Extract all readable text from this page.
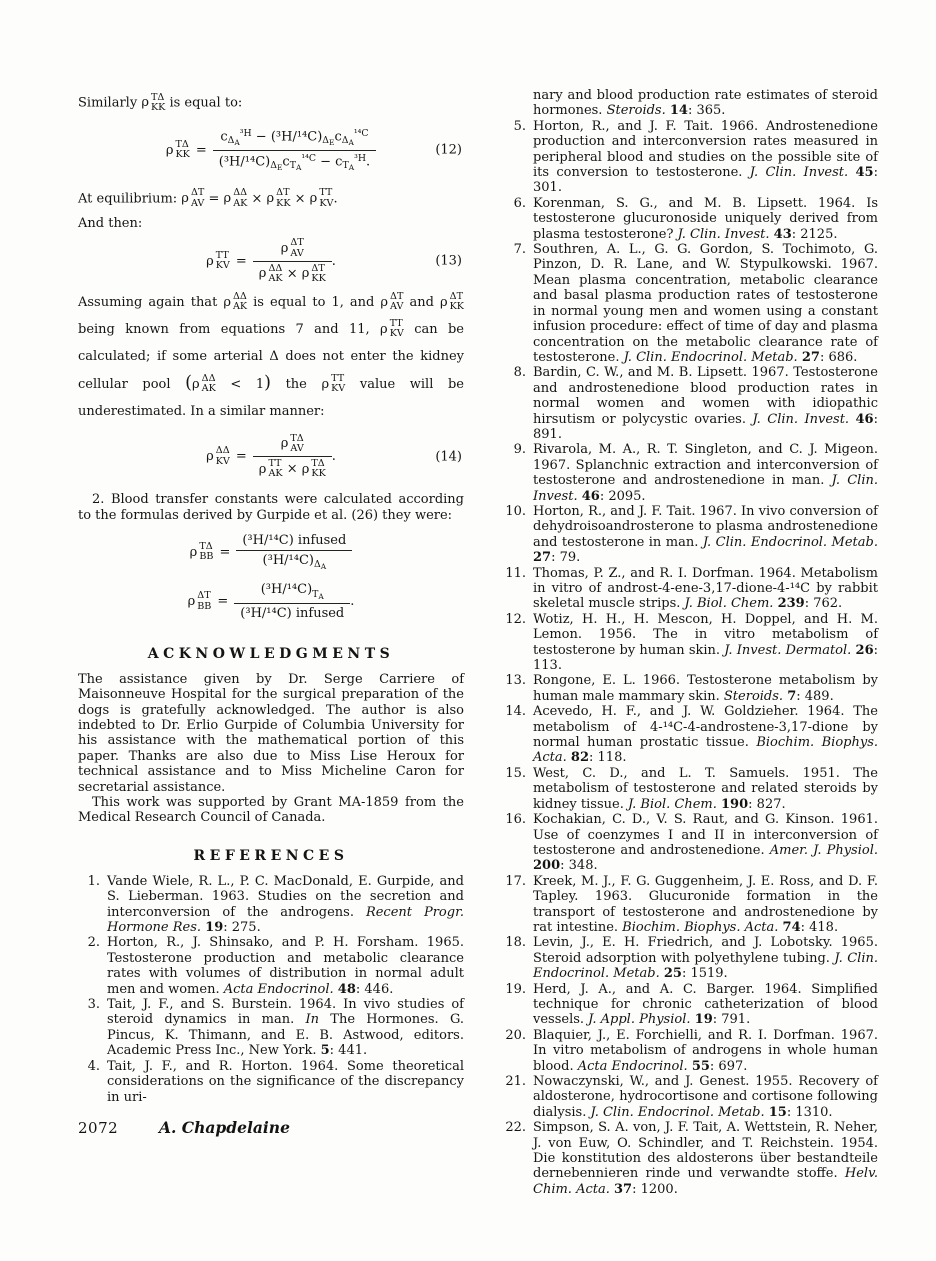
Similarly ρ TΔ
KK is equal to:

ρ TΔ
KK = $\frac{c_{\Delta_A}^{^3H} - (^3H/^{14}C)_{\Delta_E}c_{\Delta_A}^{^{14}C}}{(^3H/^{14}C)_{\Delta_E}c_{T_A}^{^{14}C} - c_{T_A}^{^3H}.}$	(12)

At equilibrium: ρ ΔT
AV = ρ ΔΔ
AK × ρ ΔT
KK × ρ TT
KV .

And then:

ρ TT
KV = ρ ΔT
AV
ρ ΔΔ
AK × ρ ΔT
KK .	(13)

Assuming again that ρ ΔΔ
AK is equal to 1, and ρ ΔT
AV and ρ ΔT
KK
being known from equations 7 and 11, ρ TT
KV can be calculated; if some arterial Δ does not enter the kidney cellular pool (ρ ΔΔ
AK < 1) the ρ TT
KV value will be underestimated. In a similar manner:

ρ ΔΔ
KV = ρ TΔ
AV
ρ TT
AK × ρ TΔ
KK .	(14)

2. Blood transfer constants were calculated according to the formulas derived by Gurpide et al. (26) they were:

ρ TΔ
BB = $\frac{\text{(³H/¹⁴C) infused}}{(^3H/^{14}C)_{\Delta_A}}$
ρ ΔT
BB = $\frac{(^3H/^{14}C)_{T_A}}{\text{(³H/¹⁴C) infused}}$ .
ACKNOWLEDGMENTS

The assistance given by Dr. Serge Carriere of Maisonneuve Hospital for the surgical preparation of the dogs is gratefully acknowledged. The author is also indebted to Dr. Erlio Gurpide of Columbia University for his assistance with the mathematical portion of this paper. Thanks are also due to Miss Lise Heroux for technical assistance and to Miss Micheline Caron for secretarial assistance.

This work was supported by Grant MA-1859 from the Medical Research Council of Canada.

REFERENCES
1. Vande Wiele, R. L., P. C. MacDonald, E. Gurpide, and S. Lieberman. 1963. Studies on the secretion and interconversion of the androgens. Recent Progr. Hormone Res. 19: 275.
2. Horton, R., J. Shinsako, and P. H. Forsham. 1965. Testosterone production and metabolic clearance rates with volumes of distribution in normal adult men and women. Acta Endocrinol. 48: 446.
3. Tait, J. F., and S. Burstein. 1964. In vivo studies of steroid dynamics in man. In The Hormones. G. Pincus, K. Thimann, and E. B. Astwood, editors. Academic Press Inc., New York. 5: 441.
4. Tait, J. F., and R. Horton. 1964. Some theoretical considerations on the significance of the discrepancy in uri-

nary and blood production rate estimates of steroid hormones. Steroids. 14: 365.

5. Horton, R., and J. F. Tait. 1966. Androstenedione production and interconversion rates measured in peripheral blood and studies on the possible site of its conversion to testosterone. J. Clin. Invest. 45: 301.
6. Korenman, S. G., and M. B. Lipsett. 1964. Is testosterone glucuronoside uniquely derived from plasma testosterone? J. Clin. Invest. 43: 2125.
7. Southren, A. L., G. G. Gordon, S. Tochimoto, G. Pinzon, D. R. Lane, and W. Stypulkowski. 1967. Mean plasma concentration, metabolic clearance and basal plasma production rates of testosterone in normal young men and women using a constant infusion procedure: effect of time of day and plasma concentration on the metabolic clearance rate of testosterone. J. Clin. Endocrinol. Metab. 27: 686.
8. Bardin, C. W., and M. B. Lipsett. 1967. Testosterone and androstenedione blood production rates in normal women and women with idiopathic hirsutism or polycystic ovaries. J. Clin. Invest. 46: 891.
9. Rivarola, M. A., R. T. Singleton, and C. J. Migeon. 1967. Splanchnic extraction and interconversion of testosterone and androstenedione in man. J. Clin. Invest. 46: 2095.
10. Horton, R., and J. F. Tait. 1967. In vivo conversion of dehydroisoandrosterone to plasma androstenedione and testosterone in man. J. Clin. Endocrinol. Metab. 27: 79.
11. Thomas, P. Z., and R. I. Dorfman. 1964. Metabolism in vitro of androst-4-ene-3,17-dione-4-¹⁴C by rabbit skeletal muscle strips. J. Biol. Chem. 239: 762.
12. Wotiz, H. H., H. Mescon, H. Doppel, and H. M. Lemon. 1956. The in vitro metabolism of testosterone by human skin. J. Invest. Dermatol. 26: 113.
13. Rongone, E. L. 1966. Testosterone metabolism by human male mammary skin. Steroids. 7: 489.
14. Acevedo, H. F., and J. W. Goldzieher. 1964. The metabolism of 4-¹⁴C-4-androstene-3,17-dione by normal human prostatic tissue. Biochim. Biophys. Acta. 82: 118.
15. West, C. D., and L. T. Samuels. 1951. The metabolism of testosterone and related steroids by kidney tissue. J. Biol. Chem. 190: 827.
16. Kochakian, C. D., V. S. Raut, and G. Kinson. 1961. Use of coenzymes I and II in interconversion of testosterone and androstenedione. Amer. J. Physiol. 200: 348.
17. Kreek, M. J., F. G. Guggenheim, J. E. Ross, and D. F. Tapley. 1963. Glucuronide formation in the transport of testosterone and androstenedione by rat intestine. Biochim. Biophys. Acta. 74: 418.
18. Levin, J., E. H. Friedrich, and J. Lobotsky. 1965. Steroid adsorption with polyethylene tubing. J. Clin. Endocrinol. Metab. 25: 1519.
19. Herd, J. A., and A. C. Barger. 1964. Simplified technique for chronic catheterization of blood vessels. J. Appl. Physiol. 19: 791.
20. Blaquier, J., E. Forchielli, and R. I. Dorfman. 1967. In vitro metabolism of androgens in whole human blood. Acta Endocrinol. 55: 697.
21. Nowaczynski, W., and J. Genest. 1955. Recovery of aldosterone, hydrocortisone and cortisone following dialysis. J. Clin. Endocrinol. Metab. 15: 1310.
22. Simpson, S. A. von, J. F. Tait, A. Wettstein, R. Neher, J. von Euw, O. Schindler, and T. Reichstein. 1954. Die konstitution des aldosterons über bestandteile dernebennieren rinde und verwandte stoffe. Helv. Chim. Acta. 37: 1200.
2072	A. Chapdelaine
